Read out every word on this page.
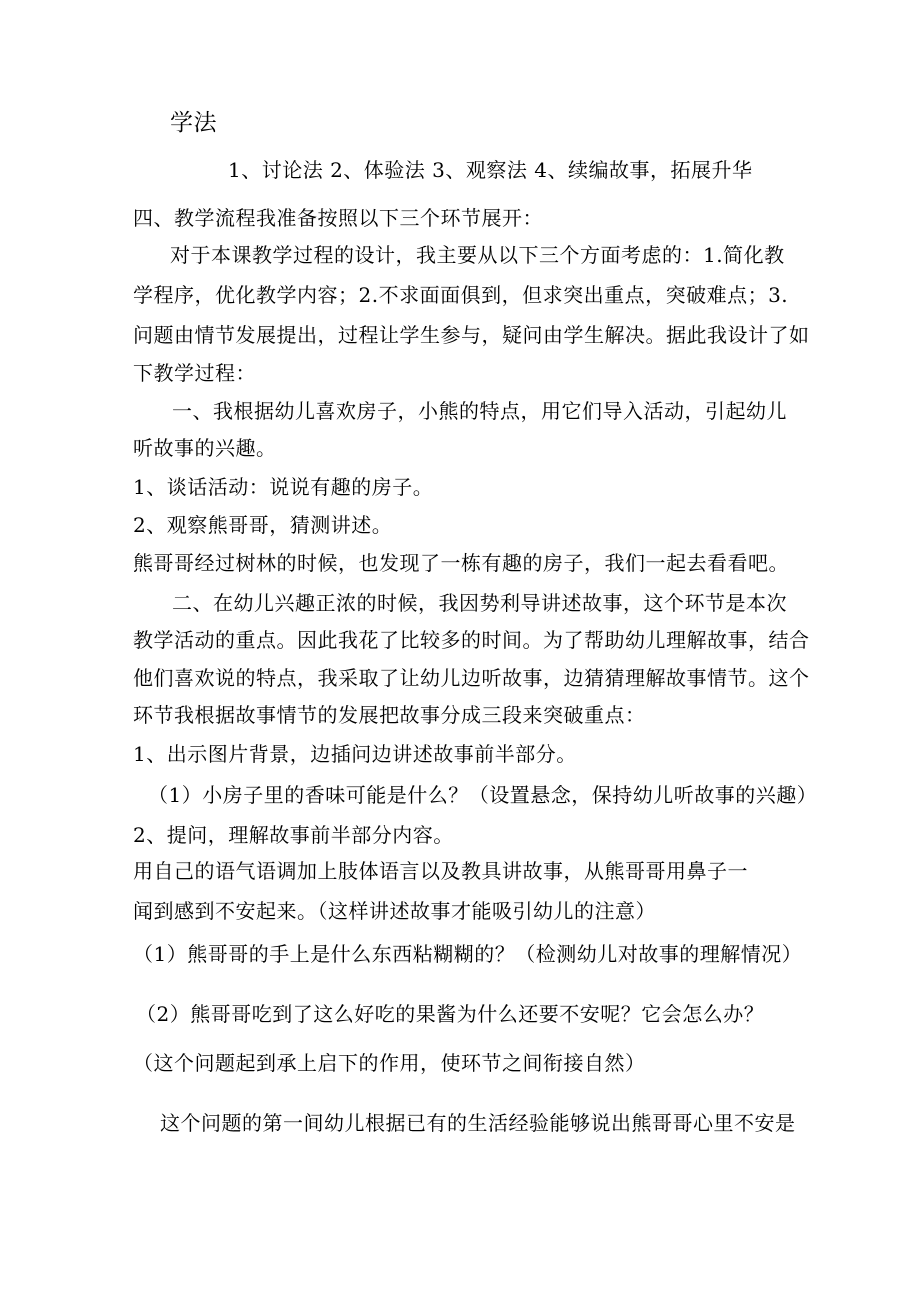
学法
1、讨论法 2、体验法 3、观察法 4、续编故事，拓展升华
四、教学流程我准备按照以下三个环节展开：
对于本课教学过程的设计，我主要从以下三个方面考虑的：1.简化教
学程序，优化教学内容；2.不求面面俱到，但求突出重点，突破难点；3.
问题由情节发展提出，过程让学生参与，疑问由学生解决。据此我设计了如
下教学过程：
一、我根据幼儿喜欢房子，小熊的特点，用它们导入活动，引起幼儿
听故事的兴趣。
1、谈话活动：说说有趣的房子。
2、观察熊哥哥，猜测讲述。
熊哥哥经过树林的时候，也发现了一栋有趣的房子，我们一起去看看吧。
二、在幼儿兴趣正浓的时候，我因势利导讲述故事，这个环节是本次
教学活动的重点。因此我花了比较多的时间。为了帮助幼儿理解故事，结合
他们喜欢说的特点，我采取了让幼儿边听故事，边猜猜理解故事情节。这个
环节我根据故事情节的发展把故事分成三段来突破重点：
1、出示图片背景，边插问边讲述故事前半部分。
（1）小房子里的香味可能是什么？（设置悬念，保持幼儿听故事的兴趣）
2、提问，理解故事前半部分内容。
用自己的语气语调加上肢体语言以及教具讲故事，从熊哥哥用鼻子一
闻到感到不安起来。（这样讲述故事才能吸引幼儿的注意）
（1）熊哥哥的手上是什么东西粘糊糊的？（检测幼儿对故事的理解情况）
（2）熊哥哥吃到了这么好吃的果酱为什么还要不安呢？它会怎么办？
（这个问题起到承上启下的作用，使环节之间衔接自然）
这个问题的第一间幼儿根据已有的生活经验能够说出熊哥哥心里不安是
